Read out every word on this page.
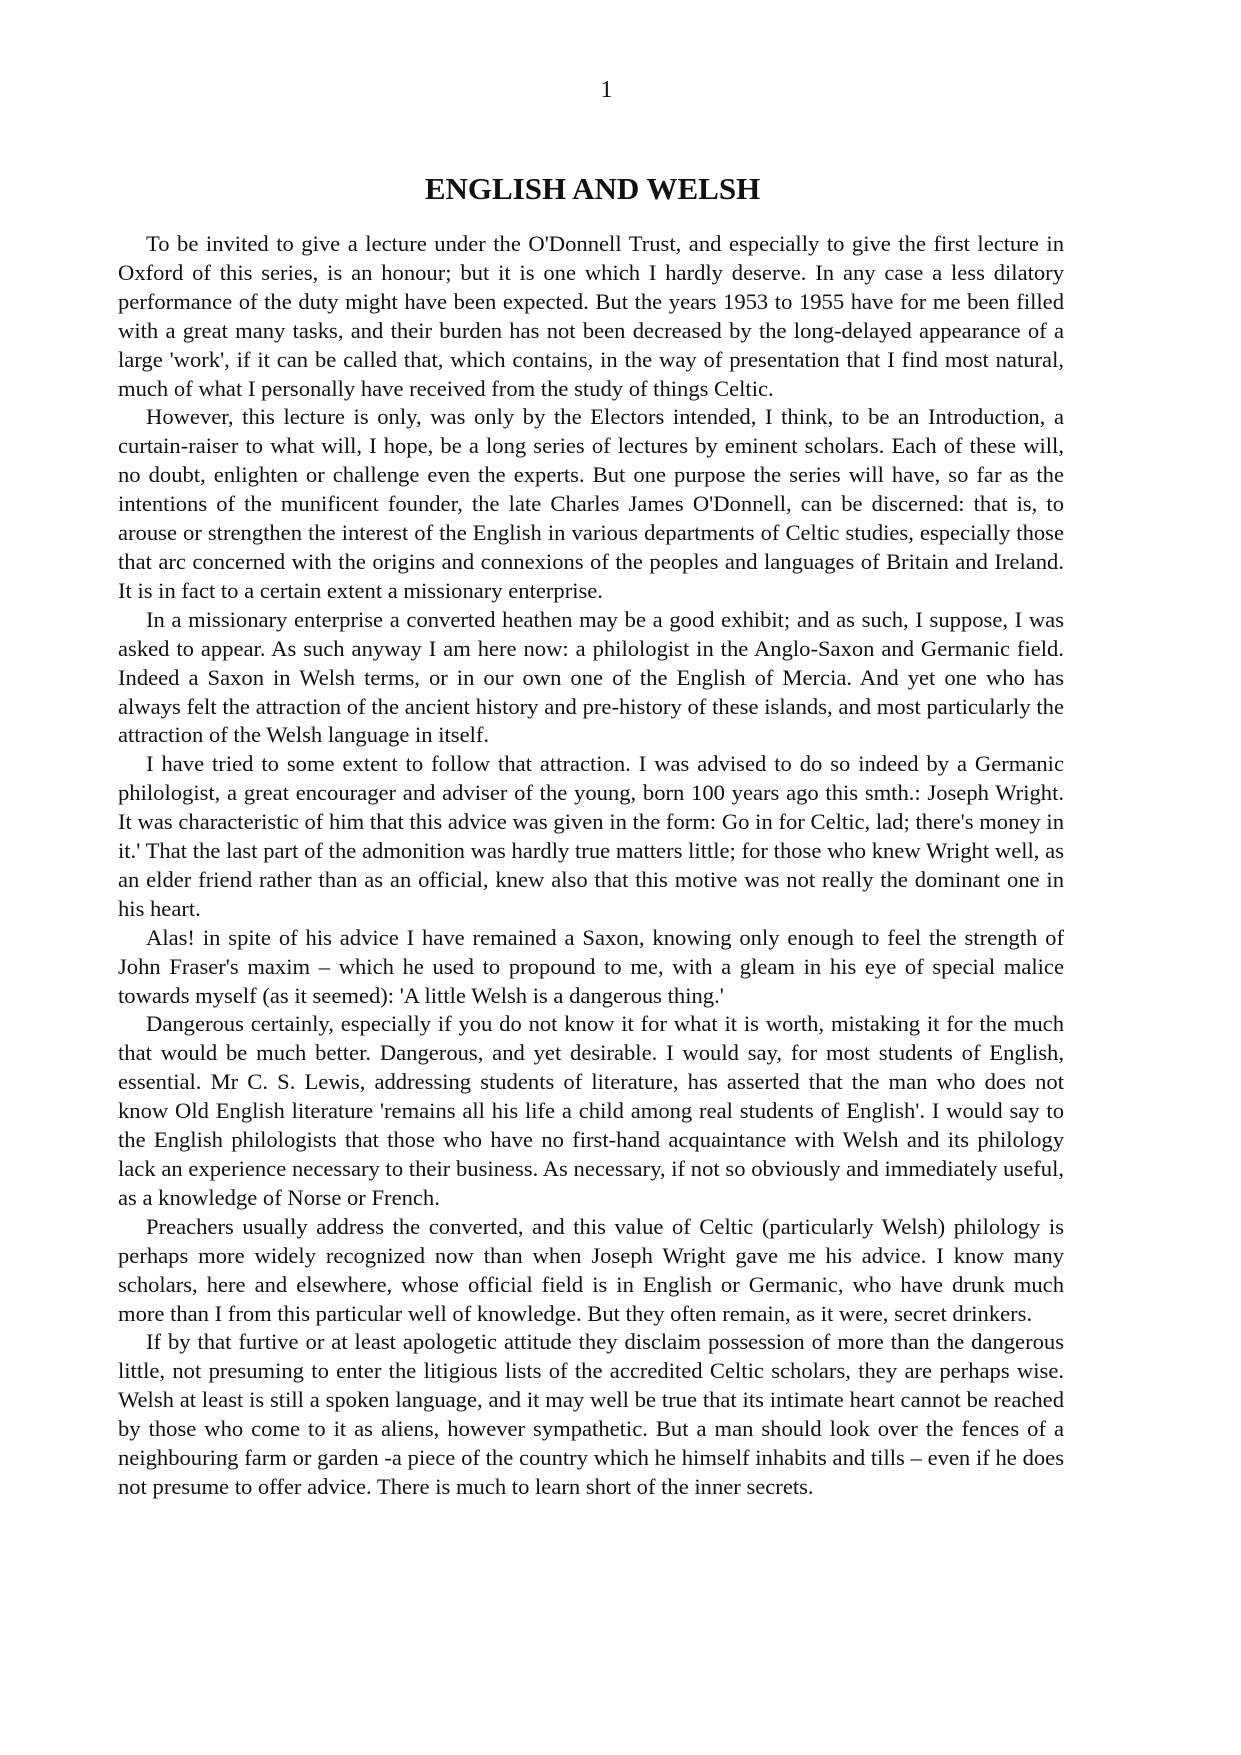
1
ENGLISH AND WELSH

To be invited to give a lecture under the O'Donnell Trust, and especially to give the first lecture in Oxford of this series, is an honour; but it is one which I hardly deserve. In any case a less dilatory performance of the duty might have been expected. But the years 1953 to 1955 have for me been filled with a great many tasks, and their burden has not been decreased by the long-delayed appearance of a large 'work', if it can be called that, which contains, in the way of presentation that I find most natural, much of what I personally have received from the study of things Celtic.

However, this lecture is only, was only by the Electors intended, I think, to be an Introduction, a curtain-raiser to what will, I hope, be a long series of lectures by eminent scholars. Each of these will, no doubt, enlighten or challenge even the experts. But one purpose the series will have, so far as the intentions of the munificent founder, the late Charles James O'Donnell, can be discerned: that is, to arouse or strengthen the interest of the English in various departments of Celtic studies, especially those that arc concerned with the origins and connexions of the peoples and languages of Britain and Ireland. It is in fact to a certain extent a missionary enterprise.

In a missionary enterprise a converted heathen may be a good exhibit; and as such, I suppose, I was asked to appear. As such anyway I am here now: a philologist in the Anglo-Saxon and Germanic field. Indeed a Saxon in Welsh terms, or in our own one of the English of Mercia. And yet one who has always felt the attraction of the ancient history and pre-history of these islands, and most particularly the attraction of the Welsh language in itself.

I have tried to some extent to follow that attraction. I was advised to do so indeed by a Germanic philologist, a great encourager and adviser of the young, born 100 years ago this smth.: Joseph Wright. It was characteristic of him that this advice was given in the form: Go in for Celtic, lad; there's money in it.' That the last part of the admonition was hardly true matters little; for those who knew Wright well, as an elder friend rather than as an official, knew also that this motive was not really the dominant one in his heart.

Alas! in spite of his advice I have remained a Saxon, knowing only enough to feel the strength of John Fraser's maxim – which he used to propound to me, with a gleam in his eye of special malice towards myself (as it seemed): 'A little Welsh is a dangerous thing.'

Dangerous certainly, especially if you do not know it for what it is worth, mistaking it for the much that would be much better. Dangerous, and yet desirable. I would say, for most students of English, essential. Mr C. S. Lewis, addressing students of literature, has asserted that the man who does not know Old English literature 'remains all his life a child among real students of English'. I would say to the English philologists that those who have no first-hand acquaintance with Welsh and its philology lack an experience necessary to their business. As necessary, if not so obviously and immediately useful, as a knowledge of Norse or French.

Preachers usually address the converted, and this value of Celtic (particularly Welsh) philology is perhaps more widely recognized now than when Joseph Wright gave me his advice. I know many scholars, here and elsewhere, whose official field is in English or Germanic, who have drunk much more than I from this particular well of knowledge. But they often remain, as it were, secret drinkers.

If by that furtive or at least apologetic attitude they disclaim possession of more than the dangerous little, not presuming to enter the litigious lists of the accredited Celtic scholars, they are perhaps wise. Welsh at least is still a spoken language, and it may well be true that its intimate heart cannot be reached by those who come to it as aliens, however sympathetic. But a man should look over the fences of a neighbouring farm or garden -a piece of the country which he himself inhabits and tills – even if he does not presume to offer advice. There is much to learn short of the inner secrets.
